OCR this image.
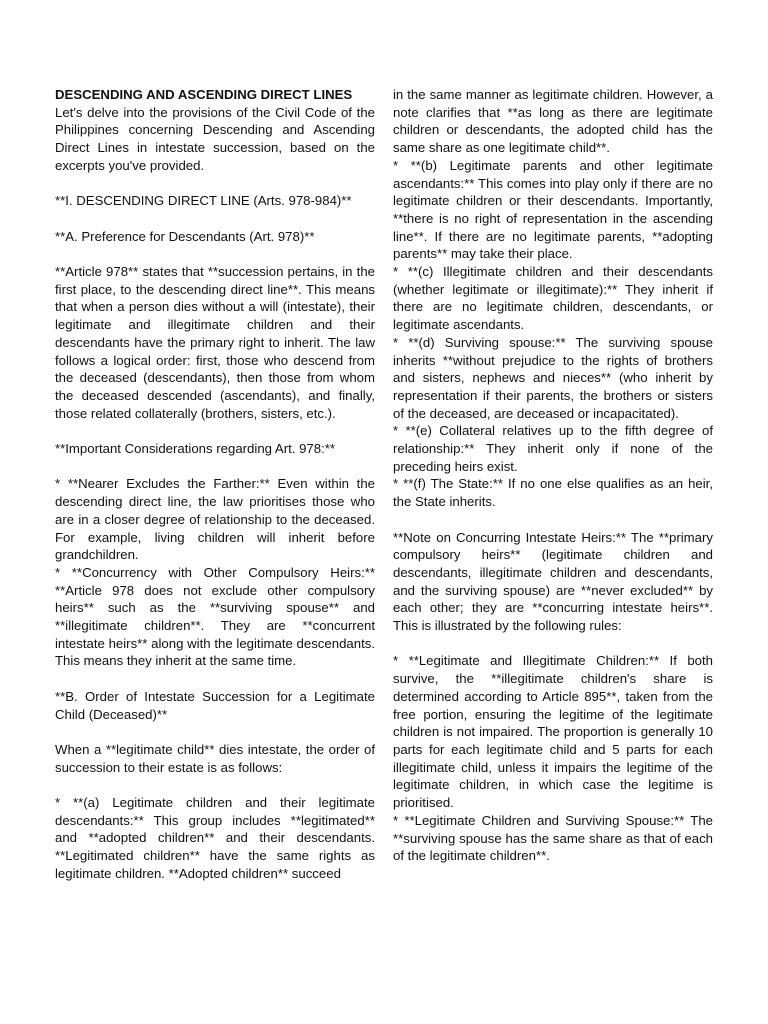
DESCENDING AND ASCENDING DIRECT LINES

Let's delve into the provisions of the Civil Code of the Philippines concerning Descending and Ascending Direct Lines in intestate succession, based on the excerpts you've provided.

**I. DESCENDING DIRECT LINE (Arts. 978-984)**

**A. Preference for Descendants (Art. 978)**

**Article 978** states that **succession pertains, in the first place, to the descending direct line**. This means that when a person dies without a will (intestate), their legitimate and illegitimate children and their descendants have the primary right to inherit. The law follows a logical order: first, those who descend from the deceased (descendants), then those from whom the deceased descended (ascendants), and finally, those related collaterally (brothers, sisters, etc.).

**Important Considerations regarding Art. 978:**

* **Nearer Excludes the Farther:** Even within the descending direct line, the law prioritises those who are in a closer degree of relationship to the deceased. For example, living children will inherit before grandchildren.

* **Concurrency with Other Compulsory Heirs:** **Article 978 does not exclude other compulsory heirs** such as the **surviving spouse** and **illegitimate children**. They are **concurrent intestate heirs** along with the legitimate descendants. This means they inherit at the same time.

**B. Order of Intestate Succession for a Legitimate Child (Deceased)**

When a **legitimate child** dies intestate, the order of succession to their estate is as follows:

* **(a) Legitimate children and their legitimate descendants:** This group includes **legitimated** and **adopted children** and their descendants. **Legitimated children** have the same rights as legitimate children. **Adopted children** succeed

in the same manner as legitimate children. However, a note clarifies that **as long as there are legitimate children or descendants, the adopted child has the same share as one legitimate child**.

* **(b) Legitimate parents and other legitimate ascendants:** This comes into play only if there are no legitimate children or their descendants. Importantly, **there is no right of representation in the ascending line**. If there are no legitimate parents, **adopting parents** may take their place.

* **(c) Illegitimate children and their descendants (whether legitimate or illegitimate):** They inherit if there are no legitimate children, descendants, or legitimate ascendants.

* **(d) Surviving spouse:** The surviving spouse inherits **without prejudice to the rights of brothers and sisters, nephews and nieces** (who inherit by representation if their parents, the brothers or sisters of the deceased, are deceased or incapacitated).

* **(e) Collateral relatives up to the fifth degree of relationship:** They inherit only if none of the preceding heirs exist.

* **(f) The State:** If no one else qualifies as an heir, the State inherits.

**Note on Concurring Intestate Heirs:** The **primary compulsory heirs** (legitimate children and descendants, illegitimate children and descendants, and the surviving spouse) are **never excluded** by each other; they are **concurring intestate heirs**. This is illustrated by the following rules:

* **Legitimate and Illegitimate Children:** If both survive, the **illegitimate children's share is determined according to Article 895**, taken from the free portion, ensuring the legitime of the legitimate children is not impaired. The proportion is generally 10 parts for each legitimate child and 5 parts for each illegitimate child, unless it impairs the legitime of the legitimate children, in which case the legitime is prioritised.

* **Legitimate Children and Surviving Spouse:** The **surviving spouse has the same share as that of each of the legitimate children**.
